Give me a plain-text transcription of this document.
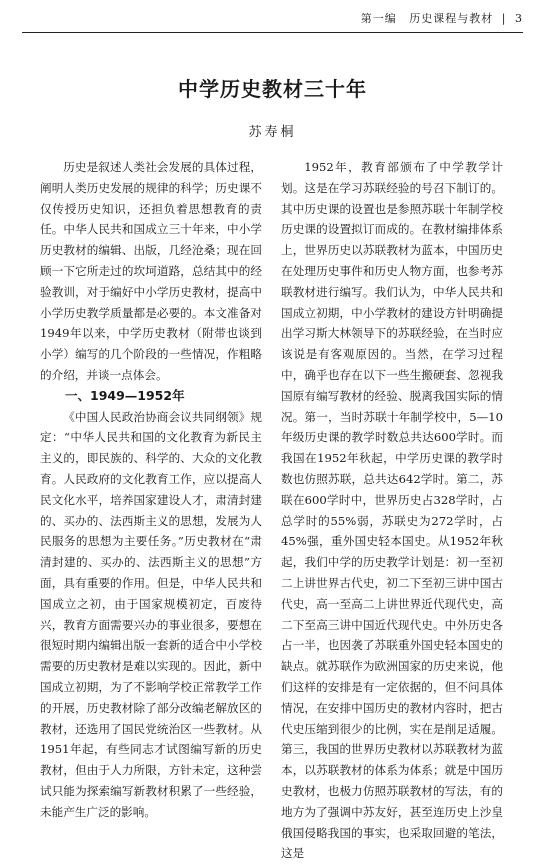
第一编 历史课程与教材 | 3
中学历史教材三十年
苏寿桐

历史是叙述人类社会发展的具体过程，阐明人类历史发展的规律的科学；历史课不仅传授历史知识，还担负着思想教育的责任。中华人民共和国成立三十年来，中小学历史教材的编辑、出版，几经沧桑；现在回顾一下它所走过的坎坷道路，总结其中的经验教训，对于编好中小学历史教材，提高中小学历史教学质量都是必要的。本文准备对1949年以来，中学历史教材（附带也谈到小学）编写的几个阶段的一些情况，作粗略的介绍，并谈一点体会。

一、1949—1952年

《中国人民政治协商会议共同纲领》规定：“中华人民共和国的文化教育为新民主主义的，即民族的、科学的、大众的文化教育。人民政府的文化教育工作，应以提高人民文化水平，培养国家建设人才，肃清封建的、买办的、法西斯主义的思想，发展为人民服务的思想为主要任务。”历史教材在“肃清封建的、买办的、法西斯主义的思想”方面，具有重要的作用。但是，中华人民共和国成立之初，由于国家规模初定，百废待兴，教育方面需要兴办的事业很多，要想在很短时期内编辑出版一套新的适合中小学校需要的历史教材是难以实现的。因此，新中国成立初期，为了不影响学校正常教学工作的开展，历史教材除了部分改编老解放区的教材，还选用了国民党统治区一些教材。从1951年起，有些同志才试图编写新的历史教材，但由于人力所限，方针未定，这种尝试只能为探索编写新教材积累了一些经验，未能产生广泛的影响。

1952年，教育部颁布了中学教学计划。这是在学习苏联经验的号召下制订的。其中历史课的设置也是参照苏联十年制学校历史课的设置拟订而成的。在教材编排体系上，世界历史以苏联教材为蓝本，中国历史在处理历史事件和历史人物方面，也参考苏联教材进行编写。我们认为，中华人民共和国成立初期，中小学教材的建设方针明确提出学习斯大林领导下的苏联经验，在当时应该说是有客观原因的。当然，在学习过程中，确乎也存在以下一些生搬硬套、忽视我国原有编写教材的经验、脱离我国实际的情况。第一，当时苏联十年制学校中，5—10年级历史课的教学时数总共达600学时。而我国在1952年秋起，中学历史课的教学时数也仿照苏联，总共达642学时。第二，苏联在600学时中，世界历史占328学时，占总学时的55%弱，苏联史为272学时，占45%强，重外国史轻本国史。从1952年秋起，我们中学的历史教学计划是：初一至初二上讲世界古代史，初二下至初三讲中国古代史，高一至高二上讲世界近代现代史，高二下至高三讲中国近代现代史。中外历史各占一半，也因袭了苏联重外国史轻本国史的缺点。就苏联作为欧洲国家的历史来说，他们这样的安排是有一定依据的，但不问具体情况，在安排中国历史的教材内容时，把古代史压缩到很少的比例，实在是削足适履。第三，我国的世界历史教材以苏联教材为蓝本，以苏联教材的体系为体系；就是中国历史教材，也极力仿照苏联教材的写法，有的地方为了强调中苏友好，甚至连历史上沙皇俄国侵略我国的事实，也采取回避的笔法，这是
